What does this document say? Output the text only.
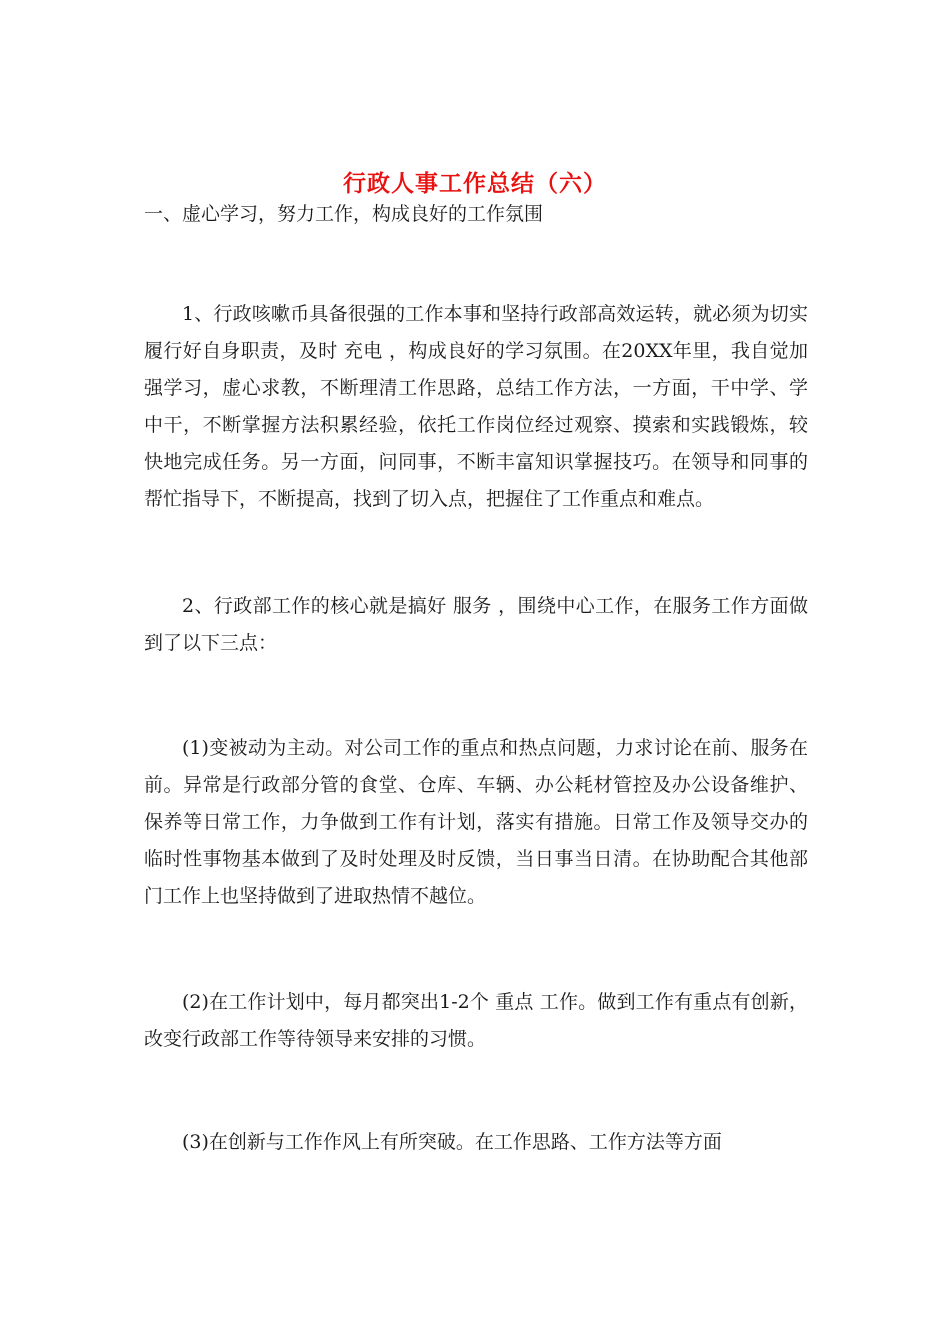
行政人事工作总结（六）

一、虚心学习，努力工作，构成良好的工作氛围

1、行政咳嗽币具备很强的工作本事和坚持行政部高效运转，就必须为切实履行好自身职责，及时 充电 ，构成良好的学习氛围。在20XX年里，我自觉加强学习，虚心求教，不断理清工作思路，总结工作方法，一方面，干中学、学中干，不断掌握方法积累经验，依托工作岗位经过观察、摸索和实践锻炼，较快地完成任务。另一方面，问同事，不断丰富知识掌握技巧。在领导和同事的帮忙指导下，不断提高，找到了切入点，把握住了工作重点和难点。

2、行政部工作的核心就是搞好 服务 ，围绕中心工作，在服务工作方面做到了以下三点：

(1)变被动为主动。对公司工作的重点和热点问题，力求讨论在前、服务在前。异常是行政部分管的食堂、仓库、车辆、办公耗材管控及办公设备维护、保养等日常工作，力争做到工作有计划，落实有措施。日常工作及领导交办的临时性事物基本做到了及时处理及时反馈，当日事当日清。在协助配合其他部门工作上也坚持做到了进取热情不越位。

(2)在工作计划中，每月都突出1-2个 重点 工作。做到工作有重点有创新，改变行政部工作等待领导来安排的习惯。

(3)在创新与工作作风上有所突破。在工作思路、工作方法等方面
